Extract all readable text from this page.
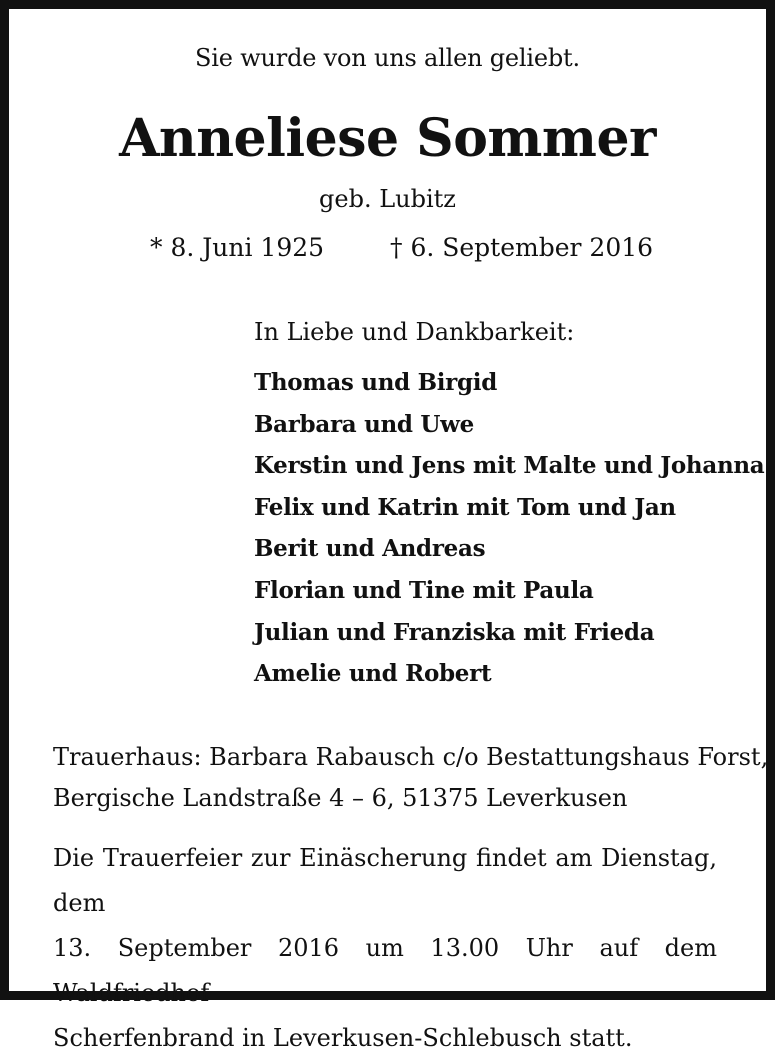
Sie wurde von uns allen geliebt.
Anneliese Sommer
geb. Lubitz
* 8. Juni 1925	† 6. September 2016
In Liebe und Dankbarkeit:
Thomas und Birgid
Barbara und Uwe
Kerstin und Jens mit Malte und Johanna
Felix und Katrin mit Tom und Jan
Berit und Andreas
Florian und Tine mit Paula
Julian und Franziska mit Frieda
Amelie und Robert
Trauerhaus: Barbara Rabausch c/o Bestattungshaus Forst,
Bergische Landstraße 4 – 6, 51375 Leverkusen
Die Trauerfeier zur Einäscherung findet am Dienstag, dem
13. September 2016 um 13.00 Uhr auf dem Waldfriedhof
Scherfenbrand in Leverkusen-Schlebusch statt.
